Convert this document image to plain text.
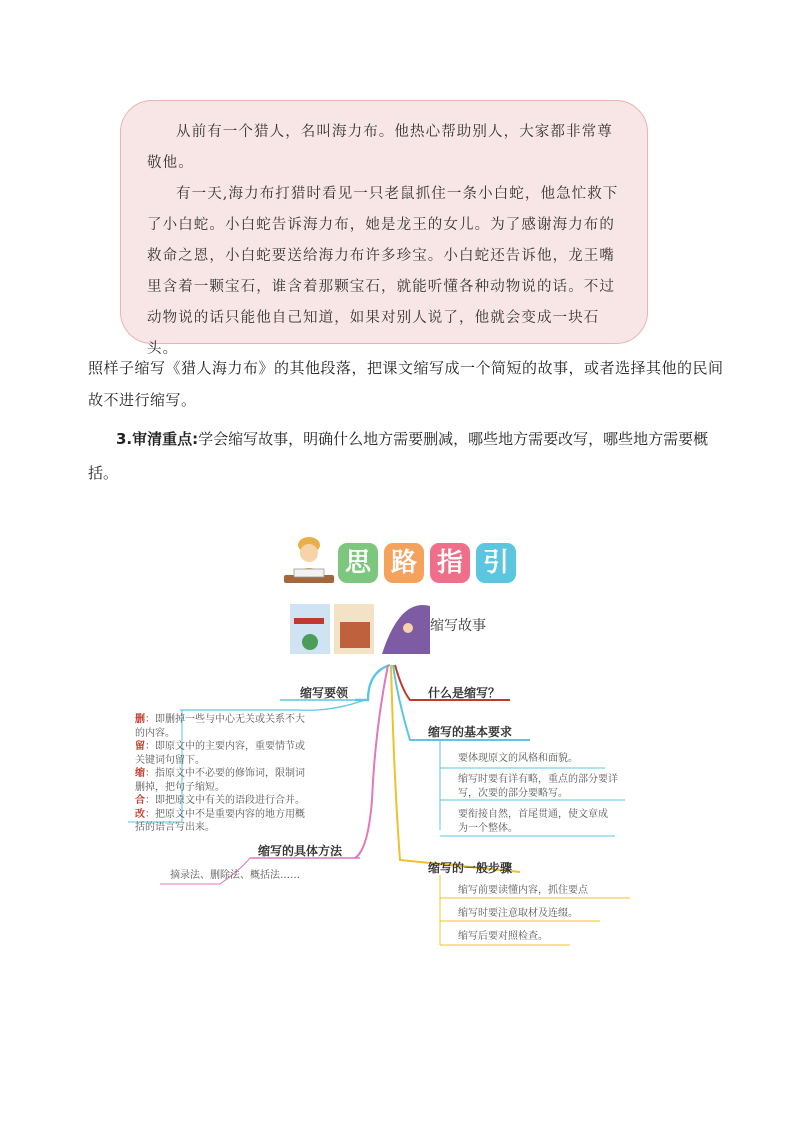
从前有一个猎人，名叫海力布。他热心帮助别人，大家都非常尊敬他。

有一天,海力布打猎时看见一只老鼠抓住一条小白蛇，他急忙救下了小白蛇。小白蛇告诉海力布，她是龙王的女儿。为了感谢海力布的救命之恩，小白蛇要送给海力布许多珍宝。小白蛇还告诉他，龙王嘴里含着一颗宝石，谁含着那颗宝石，就能听懂各种动物说的话。不过动物说的话只能他自己知道，如果对别人说了，他就会变成一块石头。

照样子缩写《猎人海力布》的其他段落，把课文缩写成一个简短的故事，或者选择其他的民间故不进行缩写。
3.审清重点:学会缩写故事，明确什么地方需要删减，哪些地方需要改写，哪些地方需要概括。
思 路 指 引
缩写故事
缩写要领
删：即删掉一些与中心无关或关系不大的内容。
留：即原文中的主要内容，重要情节或关键词句留下。
缩：指原文中不必要的修饰词，限制词删掉，把句子缩短。
合：即把原文中有关的语段进行合并。
改：把原文中不是重要内容的地方用概括的语言写出来。
缩写的具体方法
摘录法、删除法、概括法……
什么是缩写？
缩写的基本要求
要体现原文的风格和面貌。
缩写时要有详有略，重点的部分要详写，次要的部分要略写。
要衔接自然，首尾贯通，使文章成为一个整体。
缩写的一般步骤
缩写前要读懂内容，抓住要点
缩写时要注意取材及连缀。
缩写后要对照检查。
